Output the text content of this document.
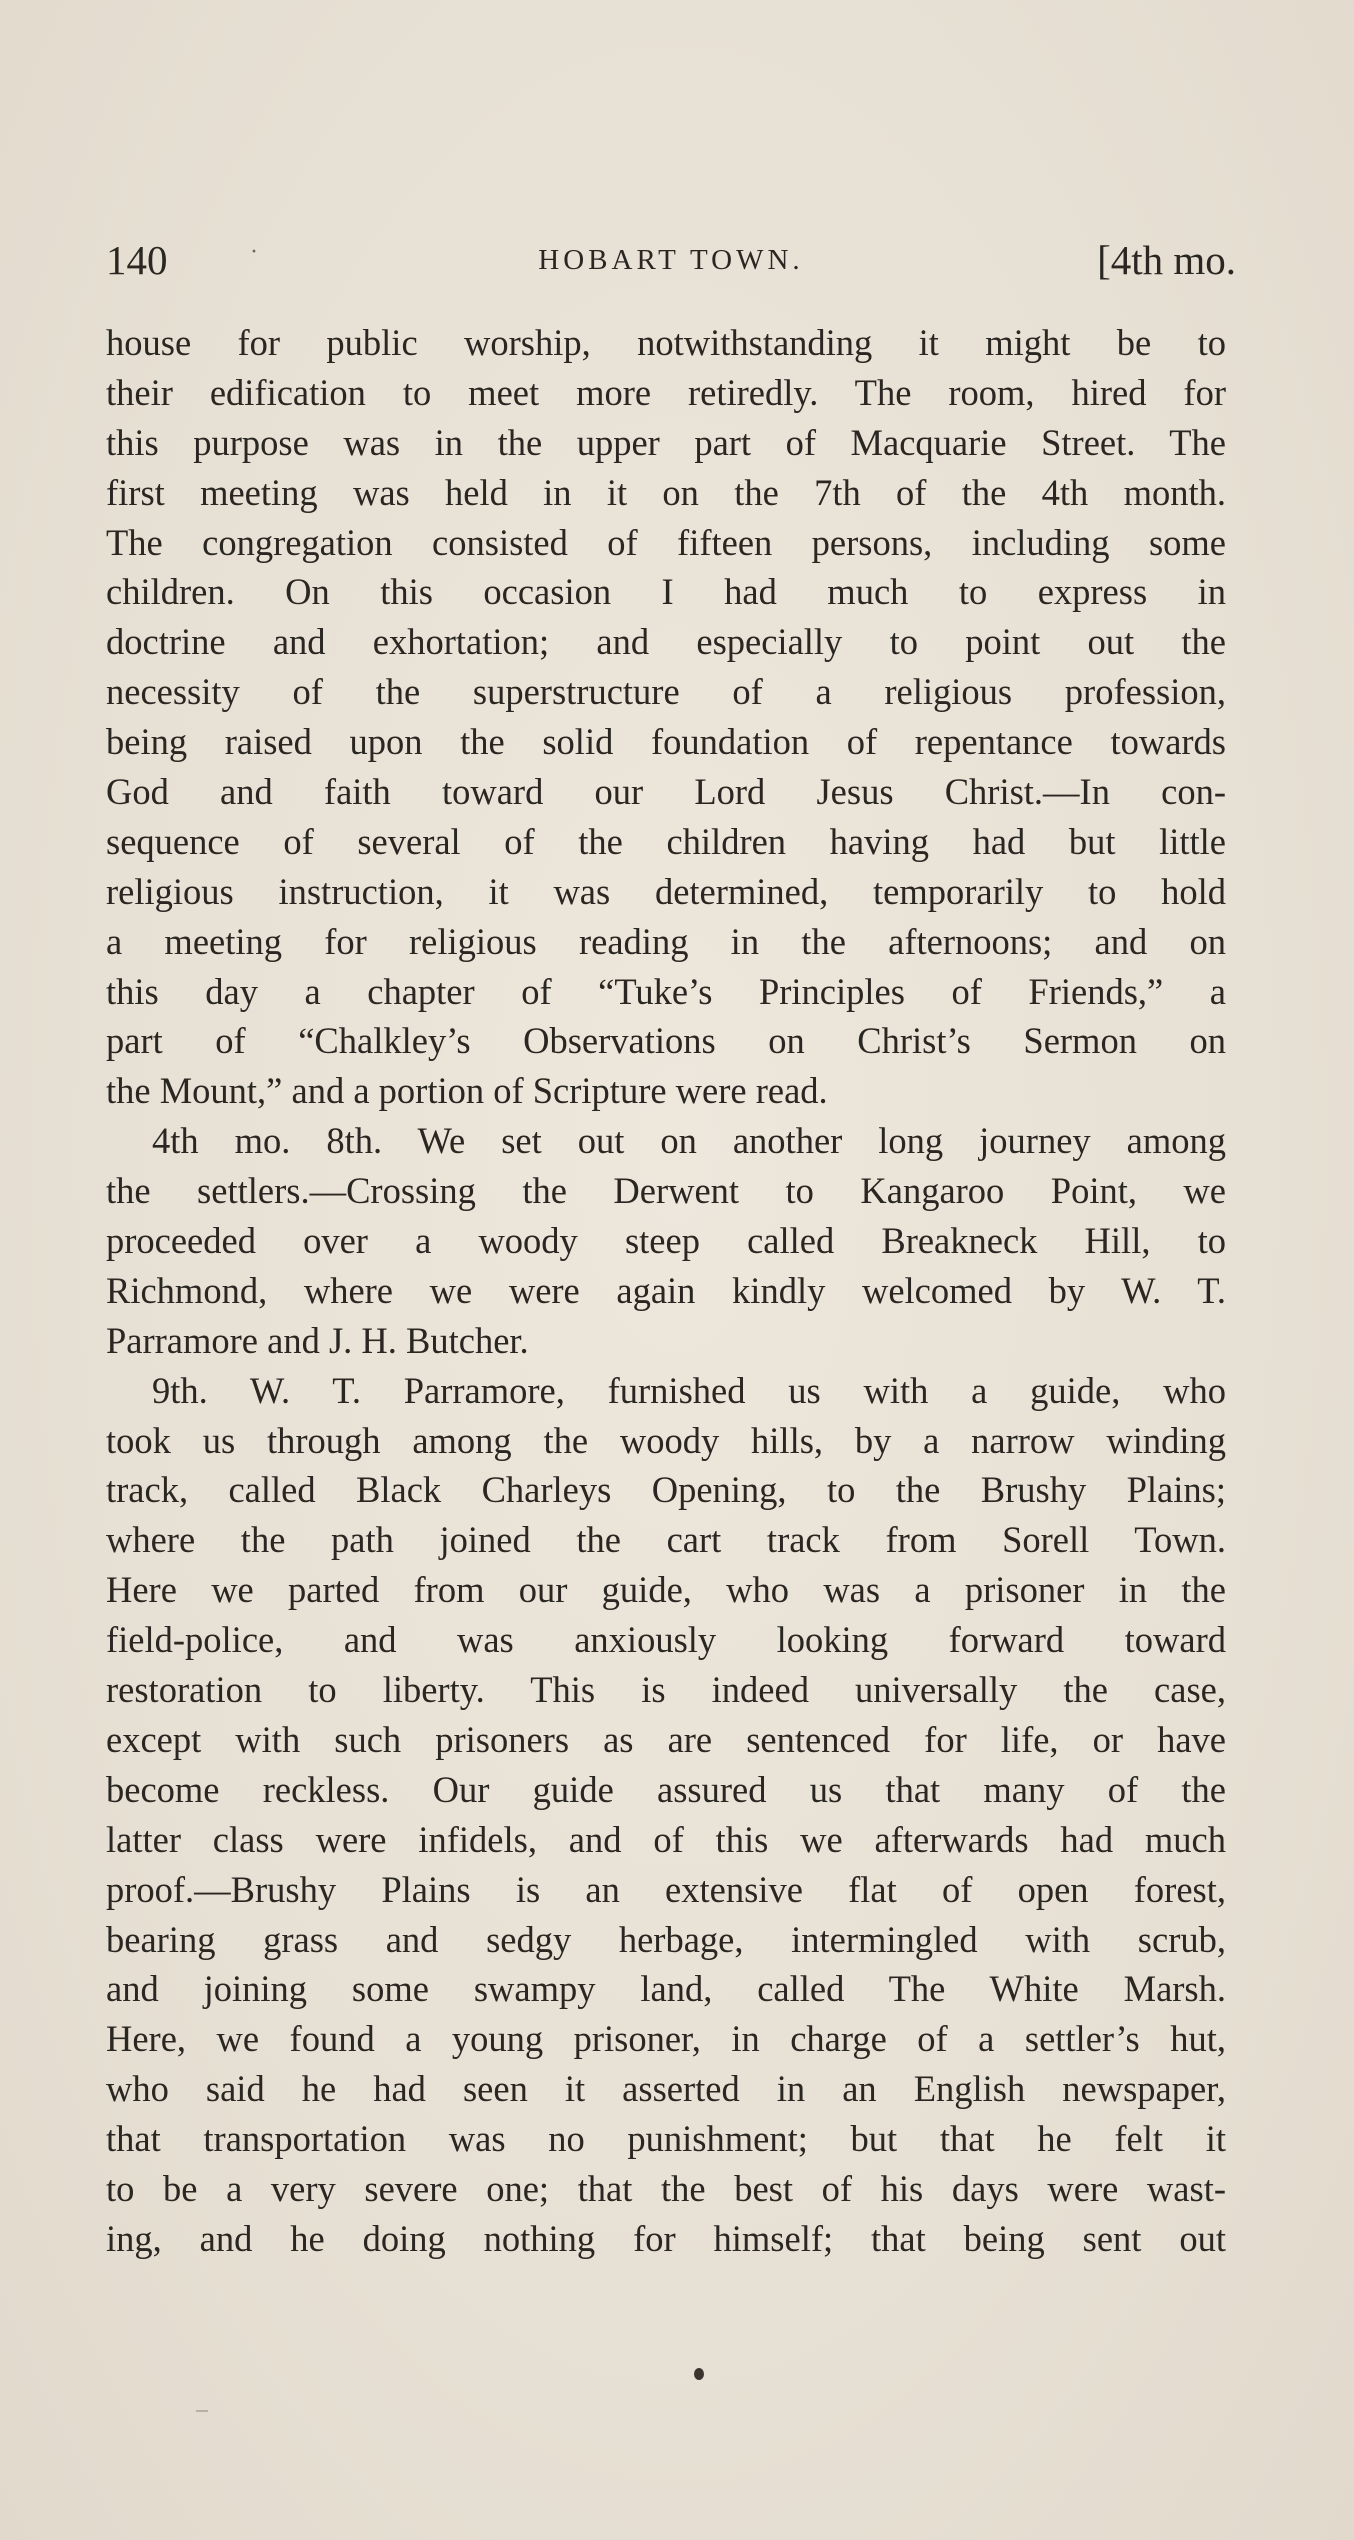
140	·	HOBART TOWN.	[4th mo.
house for public worship, notwithstanding it might be to
their edification to meet more retiredly. The room, hired for
this purpose was in the upper part of Macquarie Street. The
first meeting was held in it on the 7th of the 4th month.
The congregation consisted of fifteen persons, including some
children. On this occasion I had much to express in
doctrine and exhortation; and especially to point out the
necessity of the superstructure of a religious profession,
being raised upon the solid foundation of repentance towards
God and faith toward our Lord Jesus Christ.—In con-
sequence of several of the children having had but little
religious instruction, it was determined, temporarily to hold
a meeting for religious reading in the afternoons; and on
this day a chapter of “Tuke’s Principles of Friends,” a
part of “Chalkley’s Observations on Christ’s Sermon on
the Mount,” and a portion of Scripture were read.
4th mo. 8th. We set out on another long journey among
the settlers.—Crossing the Derwent to Kangaroo Point, we
proceeded over a woody steep called Breakneck Hill, to
Richmond, where we were again kindly welcomed by W. T.
Parramore and J. H. Butcher.
9th. W. T. Parramore, furnished us with a guide, who
took us through among the woody hills, by a narrow winding
track, called Black Charleys Opening, to the Brushy Plains;
where the path joined the cart track from Sorell Town.
Here we parted from our guide, who was a prisoner in the
field-police, and was anxiously looking forward toward
restoration to liberty. This is indeed universally the case,
except with such prisoners as are sentenced for life, or have
become reckless. Our guide assured us that many of the
latter class were infidels, and of this we afterwards had much
proof.—Brushy Plains is an extensive flat of open forest,
bearing grass and sedgy herbage, intermingled with scrub,
and joining some swampy land, called The White Marsh.
Here, we found a young prisoner, in charge of a settler’s hut,
who said he had seen it asserted in an English newspaper,
that transportation was no punishment; but that he felt it
to be a very severe one; that the best of his days were wast-
ing, and he doing nothing for himself; that being sent out
